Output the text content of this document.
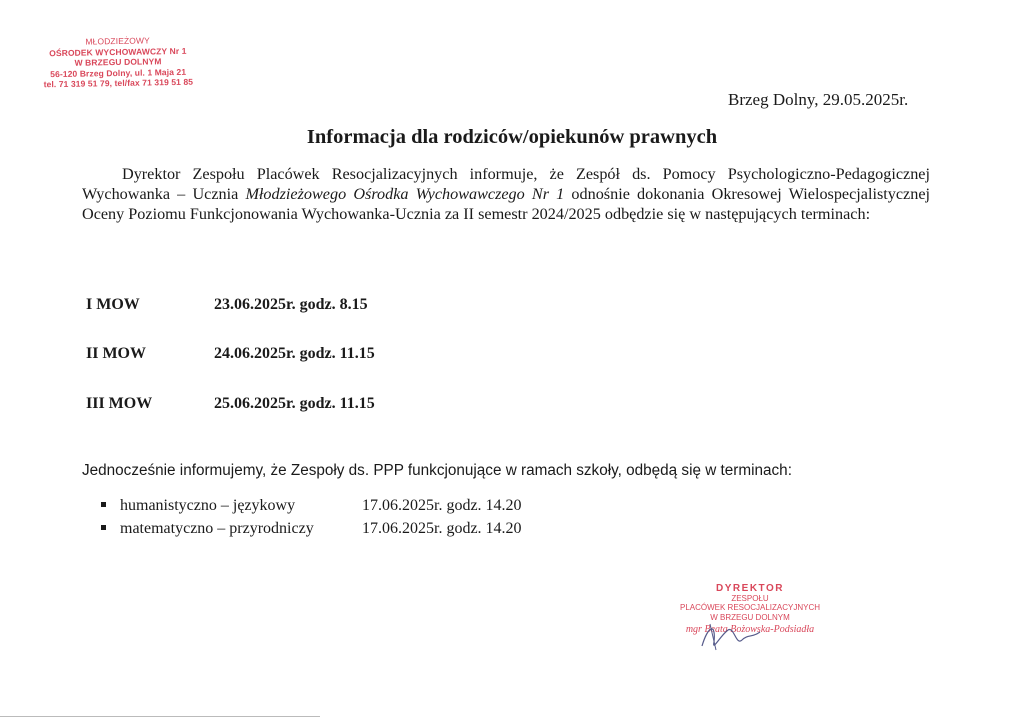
MŁODZIEŻOWY
OŚRODEK WYCHOWAWCZY Nr 1
W BRZEGU DOLNYM
56-120 Brzeg Dolny, ul. 1 Maja 21
tel. 71 319 51 79, tel/fax 71 319 51 85
Brzeg Dolny, 29.05.2025r.
Informacja dla rodziców/opiekunów prawnych
Dyrektor Zespołu Placówek Resocjalizacyjnych informuje, że Zespół ds. Pomocy Psychologiczno-Pedagogicznej Wychowanka – Ucznia Młodzieżowego Ośrodka Wychowawczego Nr 1 odnośnie dokonania Okresowej Wielospecjalistycznej Oceny Poziomu Funkcjonowania Wychowanka-Ucznia za II semestr 2024/2025 odbędzie się w następujących terminach:
I MOW	23.06.2025r. godz. 8.15
II MOW	24.06.2025r. godz. 11.15
III MOW	25.06.2025r. godz. 11.15
Jednocześnie informujemy, że Zespoły ds. PPP funkcjonujące w ramach szkoły, odbędą się w terminach:
humanistyczno – językowy	17.06.2025r. godz. 14.20
matematyczno – przyrodniczy	17.06.2025r. godz. 14.20
DYREKTOR
ZESPOŁU
PLACÓWEK RESOCJALIZACYJNYCH
W BRZEGU DOLNYM
mgr Beata Bożowska-Podsiadła
